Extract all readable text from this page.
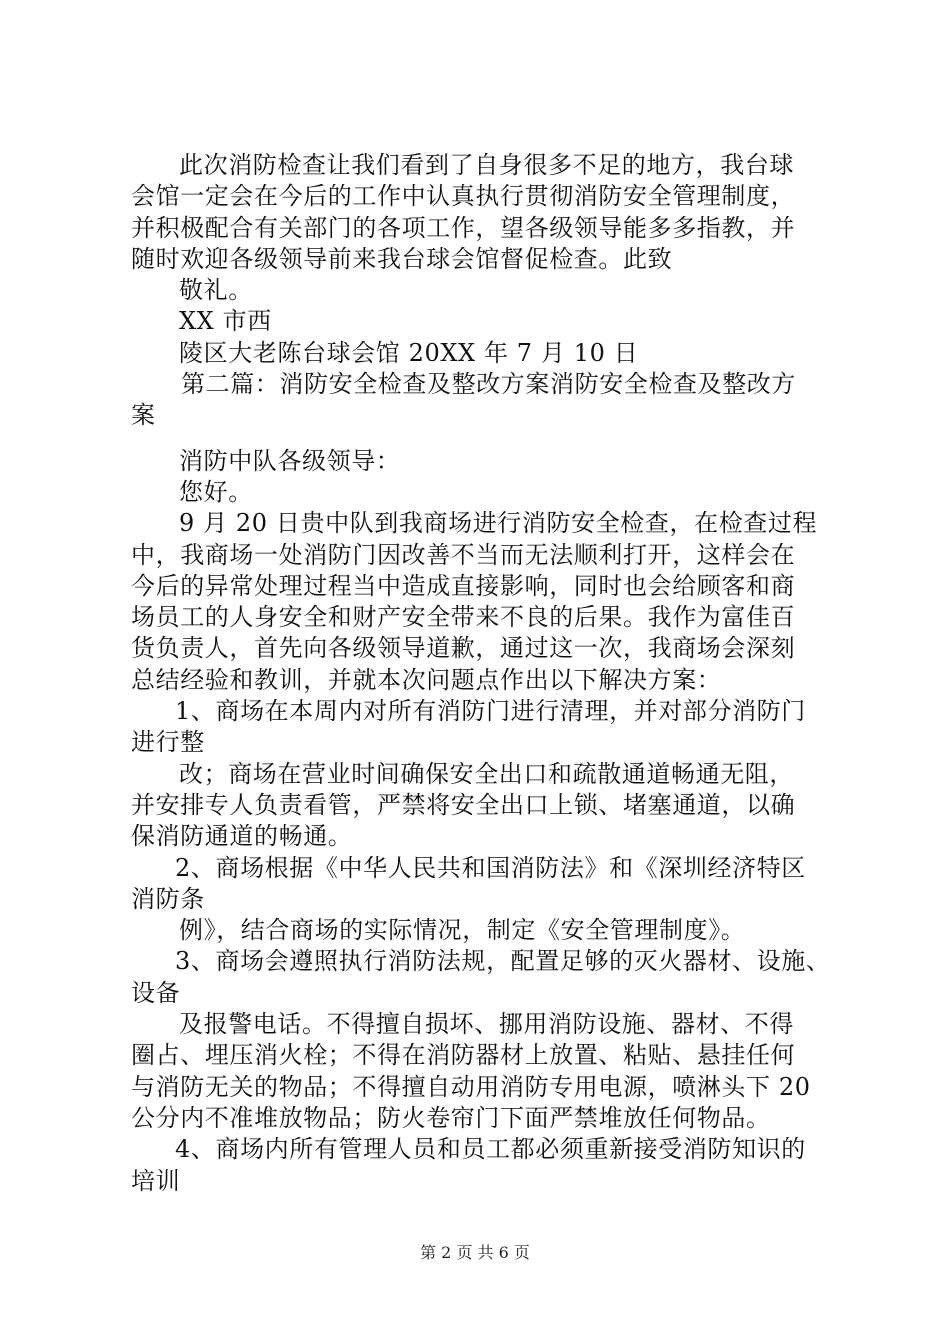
此次消防检查让我们看到了自身很多不足的地方，我台球
会馆一定会在今后的工作中认真执行贯彻消防安全管理制度，
并积极配合有关部门的各项工作，望各级领导能多多指教，并
随时欢迎各级领导前来我台球会馆督促检查。此致
敬礼。
XX 市西
陵区大老陈台球会馆 20XX 年 7 月 10 日
第二篇：消防安全检查及整改方案消防安全检查及整改方
案
消防中队各级领导：
您好。
9 月 20 日贵中队到我商场进行消防安全检查，在检查过程
中，我商场一处消防门因改善不当而无法顺利打开，这样会在
今后的异常处理过程当中造成直接影响，同时也会给顾客和商
场员工的人身安全和财产安全带来不良的后果。我作为富佳百
货负责人，首先向各级领导道歉，通过这一次，我商场会深刻
总结经验和教训，并就本次问题点作出以下解决方案：
1、商场在本周内对所有消防门进行清理，并对部分消防门
进行整
改；商场在营业时间确保安全出口和疏散通道畅通无阻，
并安排专人负责看管，严禁将安全出口上锁、堵塞通道，以确
保消防通道的畅通。
2、商场根据《中华人民共和国消防法》和《深圳经济特区
消防条
例》，结合商场的实际情况，制定《安全管理制度》。
3、商场会遵照执行消防法规，配置足够的灭火器材、设施、
设备
及报警电话。不得擅自损坏、挪用消防设施、器材、不得
圈占、埋压消火栓；不得在消防器材上放置、粘贴、悬挂任何
与消防无关的物品；不得擅自动用消防专用电源，喷淋头下 20
公分内不准堆放物品；防火卷帘门下面严禁堆放任何物品。
4、商场内所有管理人员和员工都必须重新接受消防知识的
培训
第 2 页 共 6 页
